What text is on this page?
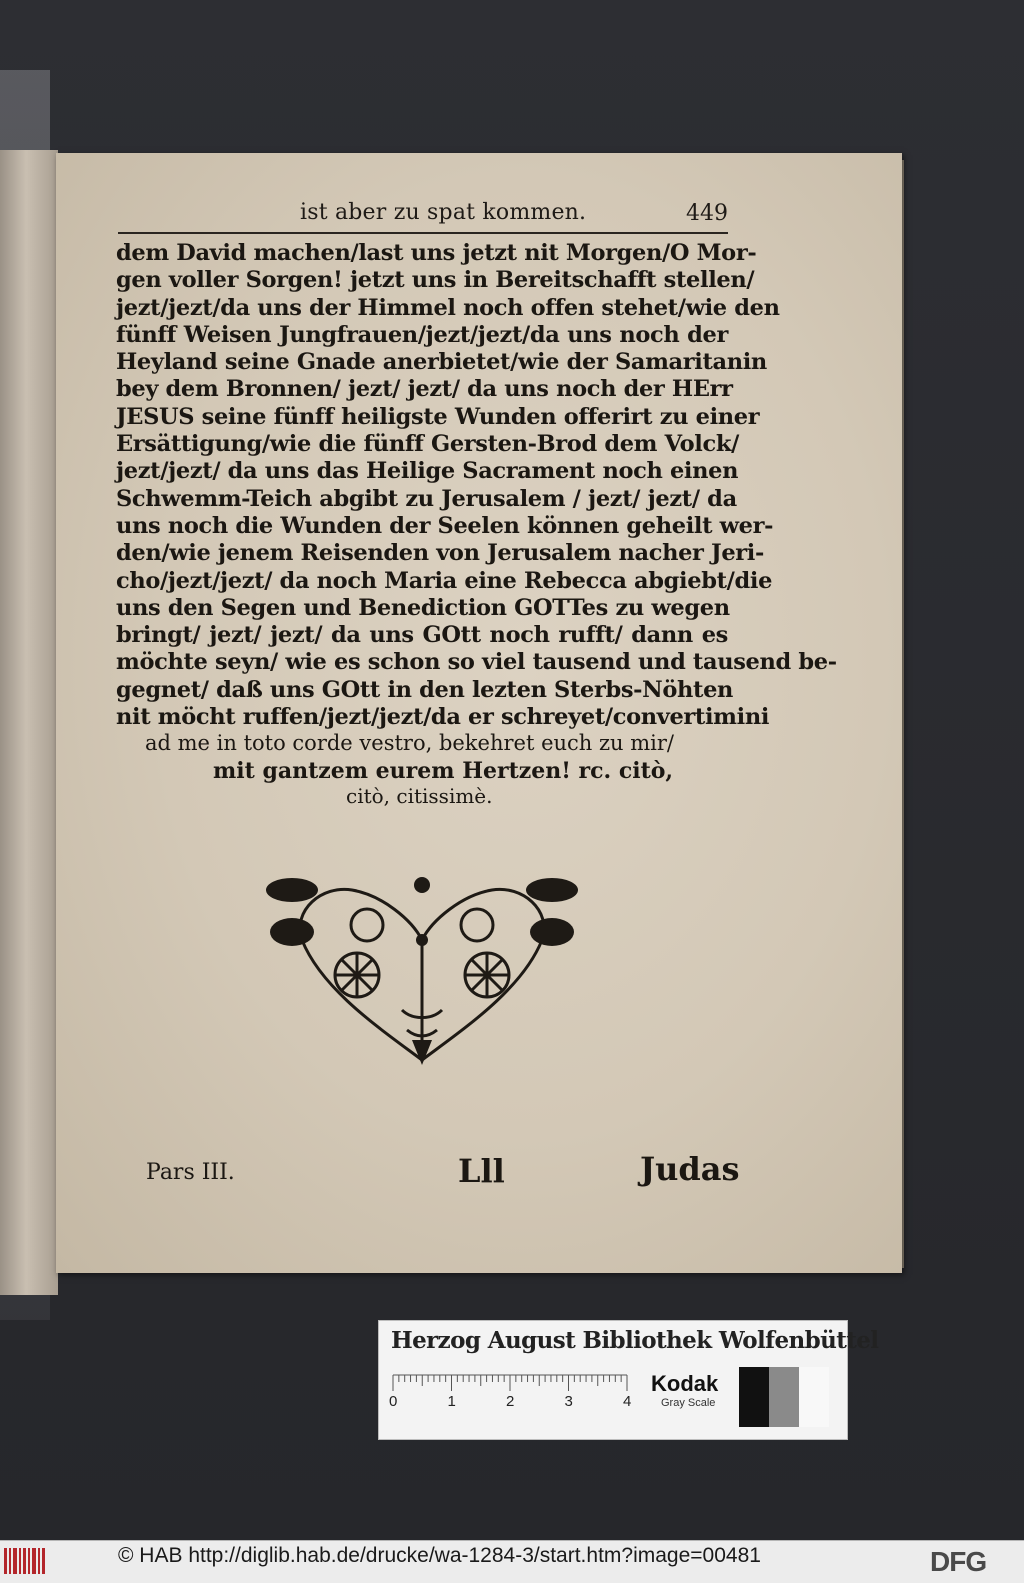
ist aber zu spat kommen.	449
dem David machen/last uns jetzt nit Morgen/O Mor-
gen voller Sorgen! jetzt uns in Bereitschafft stellen/
jezt/jezt/da uns der Himmel noch offen stehet/wie den
fünff Weisen Jungfrauen/jezt/jezt/da uns noch der
Heyland seine Gnade anerbietet/wie der Samaritanin
bey dem Bronnen/ jezt/ jezt/ da uns noch der HErr
JESUS seine fünff heiligste Wunden offerirt zu einer
Ersättigung/wie die fünff Gersten-Brod dem Volck/
jezt/jezt/ da uns das Heilige Sacrament noch einen
Schwemm-Teich abgibt zu Jerusalem / jezt/ jezt/ da
uns noch die Wunden der Seelen können geheilt wer-
den/wie jenem Reisenden von Jerusalem nacher Jeri-
cho/jezt/jezt/ da noch Maria eine Rebecca abgiebt/die
uns den Segen und Benediction GOTTes zu wegen
bringt/ jezt/ jezt/ da uns GOtt noch rufft/ dann es
möchte seyn/ wie es schon so viel tausend und tausend be-
gegnet/ daß uns GOtt in den lezten Sterbs-Nöhten
nit möcht ruffen/jezt/jezt/da er schreyet/convertimini
ad me in toto corde vestro, bekehret euch zu mir/
mit gantzem eurem Hertzen! rc. citò,
citò, citissimè.
Pars III.	Lll	Judas
Herzog August Bibliothek Wolfenbüttel
0	1	2	3	4
Kodak
Gray Scale
© HAB http://diglib.hab.de/drucke/wa-1284-3/start.htm?image=00481	DFG
